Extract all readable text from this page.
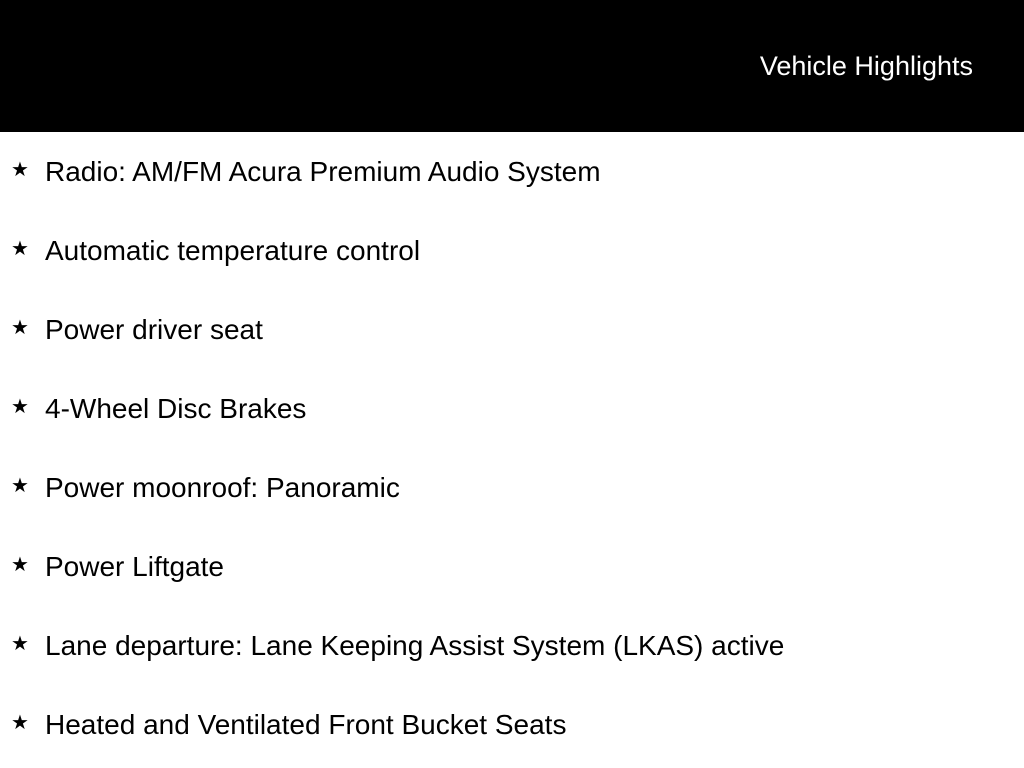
Vehicle Highlights
★ Radio: AM/FM Acura Premium Audio System
★ Automatic temperature control
★ Power driver seat
★ 4-Wheel Disc Brakes
★ Power moonroof: Panoramic
★ Power Liftgate
★ Lane departure: Lane Keeping Assist System (LKAS) active
★ Heated and Ventilated Front Bucket Seats
